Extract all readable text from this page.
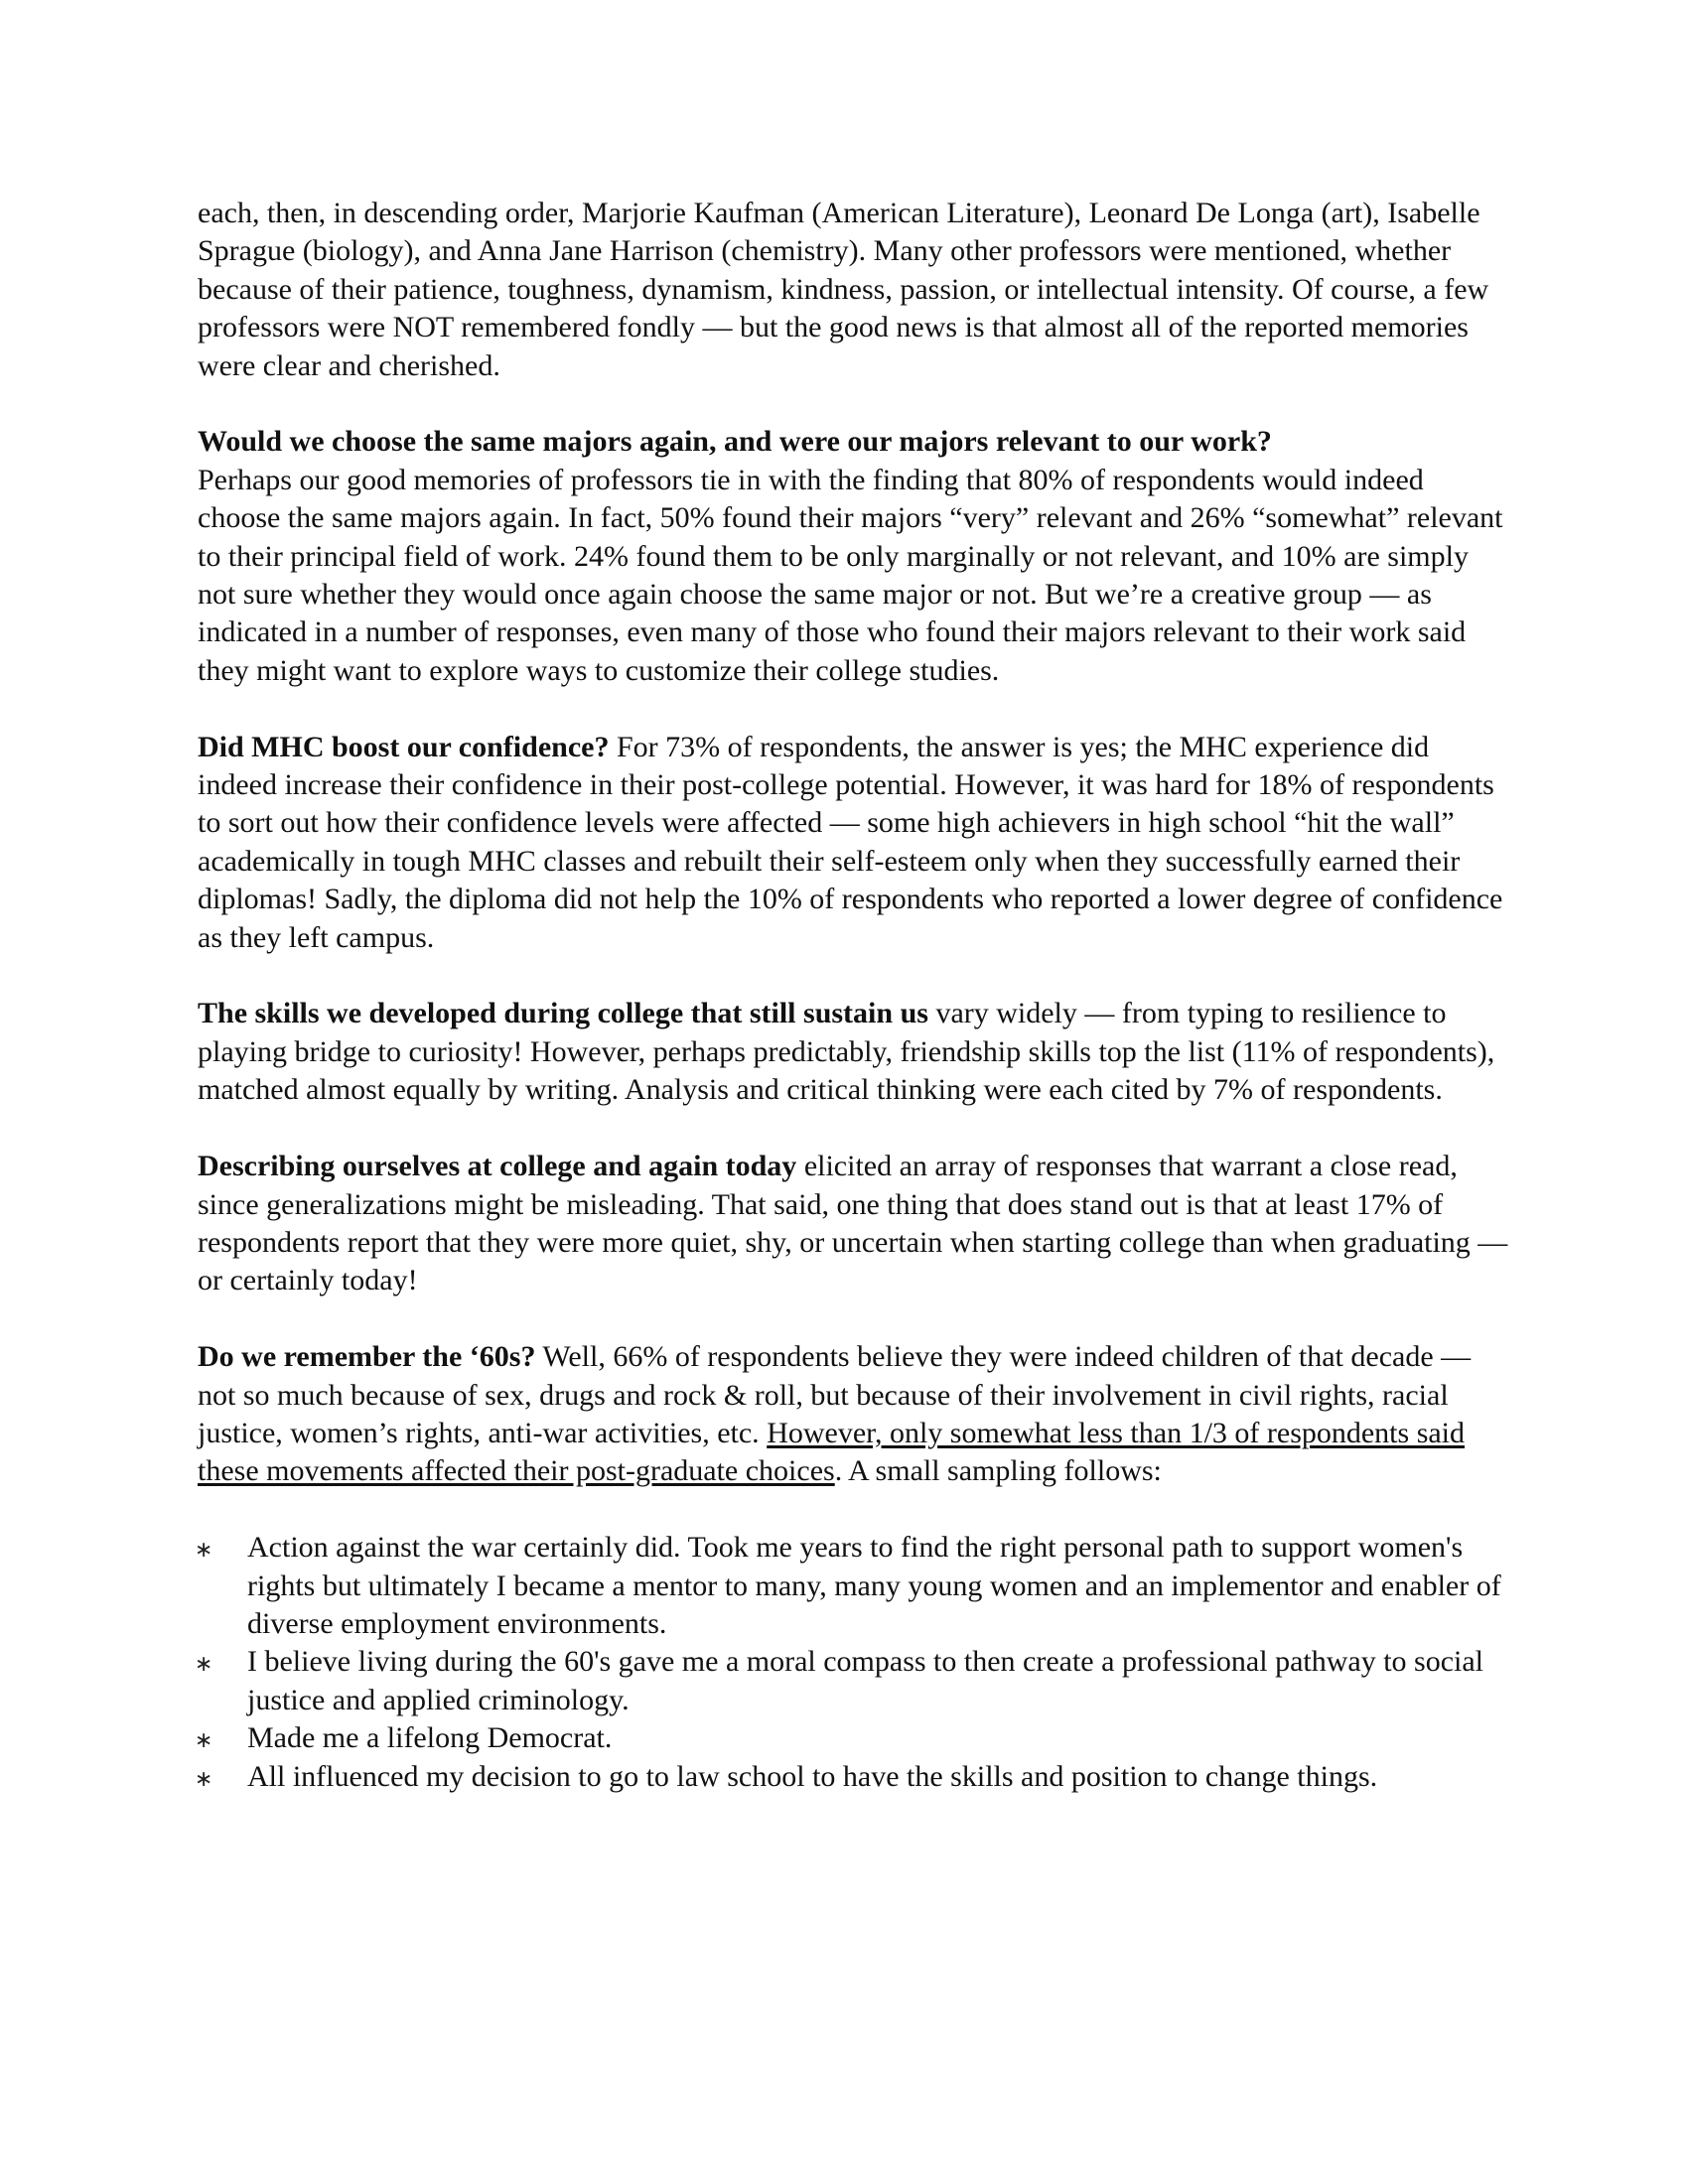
each, then, in descending order, Marjorie Kaufman (American Literature), Leonard De Longa (art), Isabelle Sprague (biology), and Anna Jane Harrison (chemistry). Many other professors were mentioned, whether because of their patience, toughness, dynamism, kindness, passion, or intellectual intensity. Of course, a few professors were NOT remembered fondly — but the good news is that almost all of the reported memories were clear and cherished.

Would we choose the same majors again, and were our majors relevant to our work?
Perhaps our good memories of professors tie in with the finding that 80% of respondents would indeed choose the same majors again. In fact, 50% found their majors “very” relevant and 26% “somewhat” relevant to their principal field of work. 24% found them to be only marginally or not relevant, and 10% are simply not sure whether they would once again choose the same major or not. But we’re a creative group — as indicated in a number of responses, even many of those who found their majors relevant to their work said they might want to explore ways to customize their college studies.

Did MHC boost our confidence? For 73% of respondents, the answer is yes; the MHC experience did indeed increase their confidence in their post-college potential. However, it was hard for 18% of respondents to sort out how their confidence levels were affected — some high achievers in high school “hit the wall” academically in tough MHC classes and rebuilt their self-esteem only when they successfully earned their diplomas! Sadly, the diploma did not help the 10% of respondents who reported a lower degree of confidence as they left campus.

The skills we developed during college that still sustain us vary widely — from typing to resilience to playing bridge to curiosity! However, perhaps predictably, friendship skills top the list (11% of respondents), matched almost equally by writing. Analysis and critical thinking were each cited by 7% of respondents.

Describing ourselves at college and again today elicited an array of responses that warrant a close read, since generalizations might be misleading. That said, one thing that does stand out is that at least 17% of respondents report that they were more quiet, shy, or uncertain when starting college than when graduating — or certainly today!

Do we remember the ‘60s? Well, 66% of respondents believe they were indeed children of that decade — not so much because of sex, drugs and rock & roll, but because of their involvement in civil rights, racial justice, women’s rights, anti-war activities, etc. However, only somewhat less than 1/3 of respondents said these movements affected their post-graduate choices. A small sampling follows:

∗ Action against the war certainly did. Took me years to find the right personal path to support women's rights but ultimately I became a mentor to many, many young women and an implementor and enabler of diverse employment environments.
∗ I believe living during the 60's gave me a moral compass to then create a professional pathway to social justice and applied criminology.
∗ Made me a lifelong Democrat.
∗ All influenced my decision to go to law school to have the skills and position to change things.
